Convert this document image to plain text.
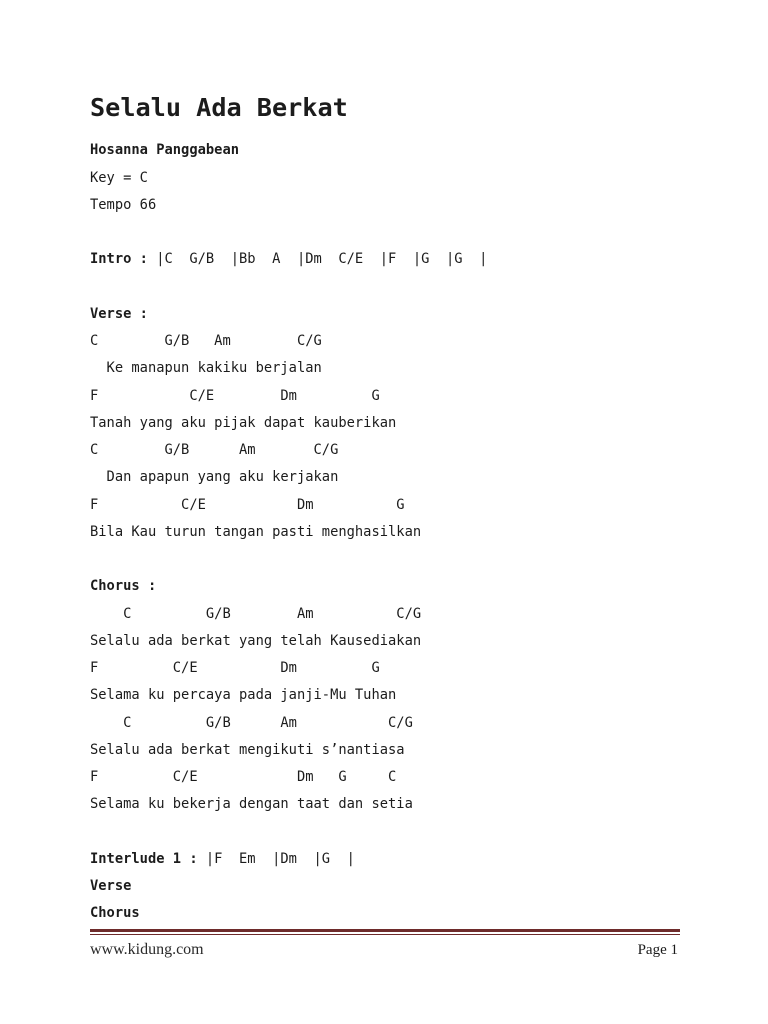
Selalu Ada Berkat
Hosanna Panggabean
Key = C
Tempo 66
Intro : |C  G/B  |Bb  A  |Dm  C/E  |F  |G  |G  |
Verse :
C        G/B   Am        C/G
Ke manapun kakiku berjalan
F           C/E        Dm         G
Tanah yang aku pijak dapat kauberikan
C        G/B      Am       C/G
Dan apapun yang aku kerjakan
F          C/E           Dm          G
Bila Kau turun tangan pasti menghasilkan
Chorus :
C         G/B        Am          C/G
Selalu ada berkat yang telah Kausediakan
F         C/E          Dm         G
Selama ku percaya pada janji-Mu Tuhan
C         G/B      Am           C/G
Selalu ada berkat mengikuti s’nantiasa
F         C/E            Dm   G     C
Selama ku bekerja dengan taat dan setia
Interlude 1 : |F  Em  |Dm  |G  |
Verse
Chorus
www.kidung.com	Page 1
